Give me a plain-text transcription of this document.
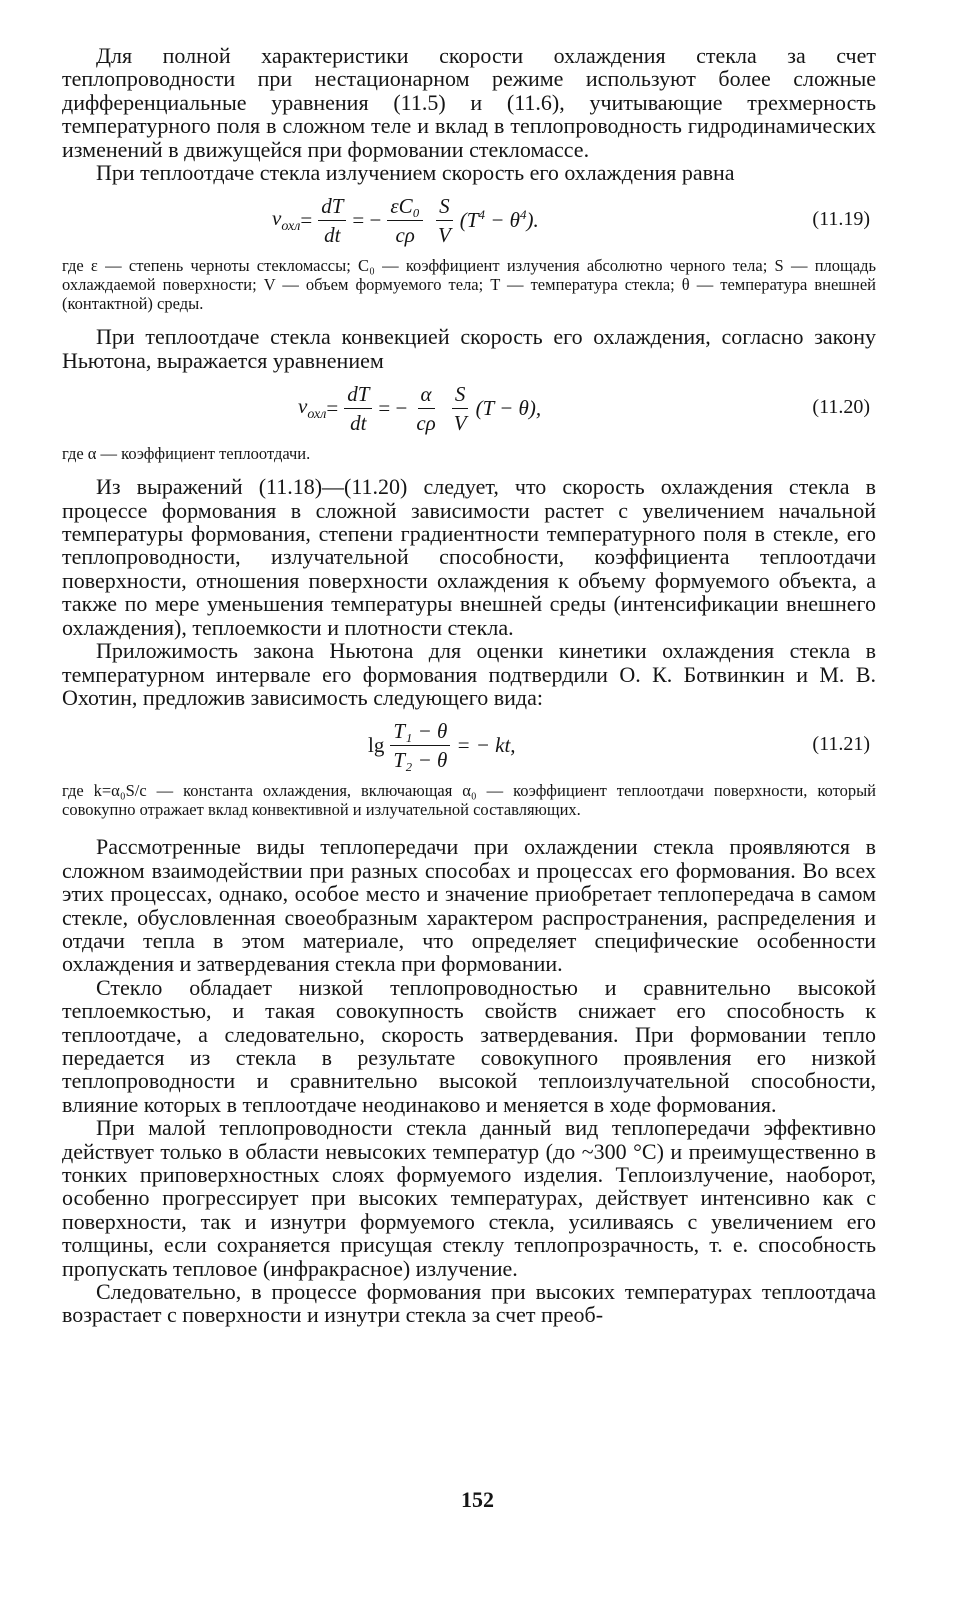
Для полной характеристики скорости охлаждения стекла за счет теплопроводности при нестационарном режиме используют более сложные дифференциальные уравнения (11.5) и (11.6), учитывающие трехмерность температурного поля в сложном теле и вклад в теплопроводность гидродинамических изменений в движущейся при формовании стекломассе.

При теплоотдаче стекла излучением скорость его охлаждения равна

$v_{охл} = \frac{dT}{dt}$ = − $\frac{\text{εC₀}}{c\rho} \frac{S}{V} (T^4 - \theta^4)$.	(11.19)

где ε — степень черноты стекломассы; C₀ — коэффициент излучения абсолютно черного тела; S — площадь охлаждаемой поверхности; V — объем формуемого тела; T — температура стекла; θ — температура внешней (контактной) среды.

При теплоотдаче стекла конвекцией скорость его охлаждения, согласно закону Ньютона, выражается уравнением

$v_{охл} = \frac{dT}{dt}$ = − $\frac{\alpha}{c\rho} \frac{S}{V} (T - \theta)$,	(11.20)

где α — коэффициент теплоотдачи.

Из выражений (11.18)—(11.20) следует, что скорость охлаждения стекла в процессе формования в сложной зависимости растет с увеличением начальной температуры формования, степени градиентности температурного поля в стекле, его теплопроводности, излучательной способности, коэффициента теплоотдачи поверхности, отношения поверхности охлаждения к объему формуемого объекта, а также по мере уменьшения температуры внешней среды (интенсификации внешнего охлаждения), теплоемкости и плотности стекла.

Приложимость закона Ньютона для оценки кинетики охлаждения стекла в температурном интервале его формования подтвердили О. К. Ботвинкин и М. В. Охотин, предложив зависимость следующего вида:

$\lg \frac{\text{T₁ − θ}}{\text{T₂ − θ}}$ = − kt,	(11.21)

где k=α₀S/c — константа охлаждения, включающая α₀ — коэффициент теплоотдачи поверхности, который совокупно отражает вклад конвективной и излучательной составляющих.

Рассмотренные виды теплопередачи при охлаждении стекла проявляются в сложном взаимодействии при разных способах и процессах его формования. Во всех этих процессах, однако, особое место и значение приобретает теплопередача в самом стекле, обусловленная своеобразным характером распространения, распределения и отдачи тепла в этом материале, что определяет специфические особенности охлаждения и затвердевания стекла при формовании.

Стекло обладает низкой теплопроводностью и сравнительно высокой теплоемкостью, и такая совокупность свойств снижает его способность к теплоотдаче, а следовательно, скорость затвердевания. При формовании тепло передается из стекла в результате совокупного проявления его низкой теплопроводности и сравнительно высокой теплоизлучательной способности, влияние которых в теплоотдаче неодинаково и меняется в ходе формования.

При малой теплопроводности стекла данный вид теплопередачи эффективно действует только в области невысоких температур (до ~300 °C) и преимущественно в тонких приповерхностных слоях формуемого изделия. Теплоизлучение, наоборот, особенно прогрессирует при высоких температурах, действует интенсивно как с поверхности, так и изнутри формуемого стекла, усиливаясь с увеличением его толщины, если сохраняется присущая стеклу теплопрозрачность, т. е. способность пропускать тепловое (инфракрасное) излучение.

Следовательно, в процессе формования при высоких температурах теплоотдача возрастает с поверхности и изнутри стекла за счет преоб-

152
